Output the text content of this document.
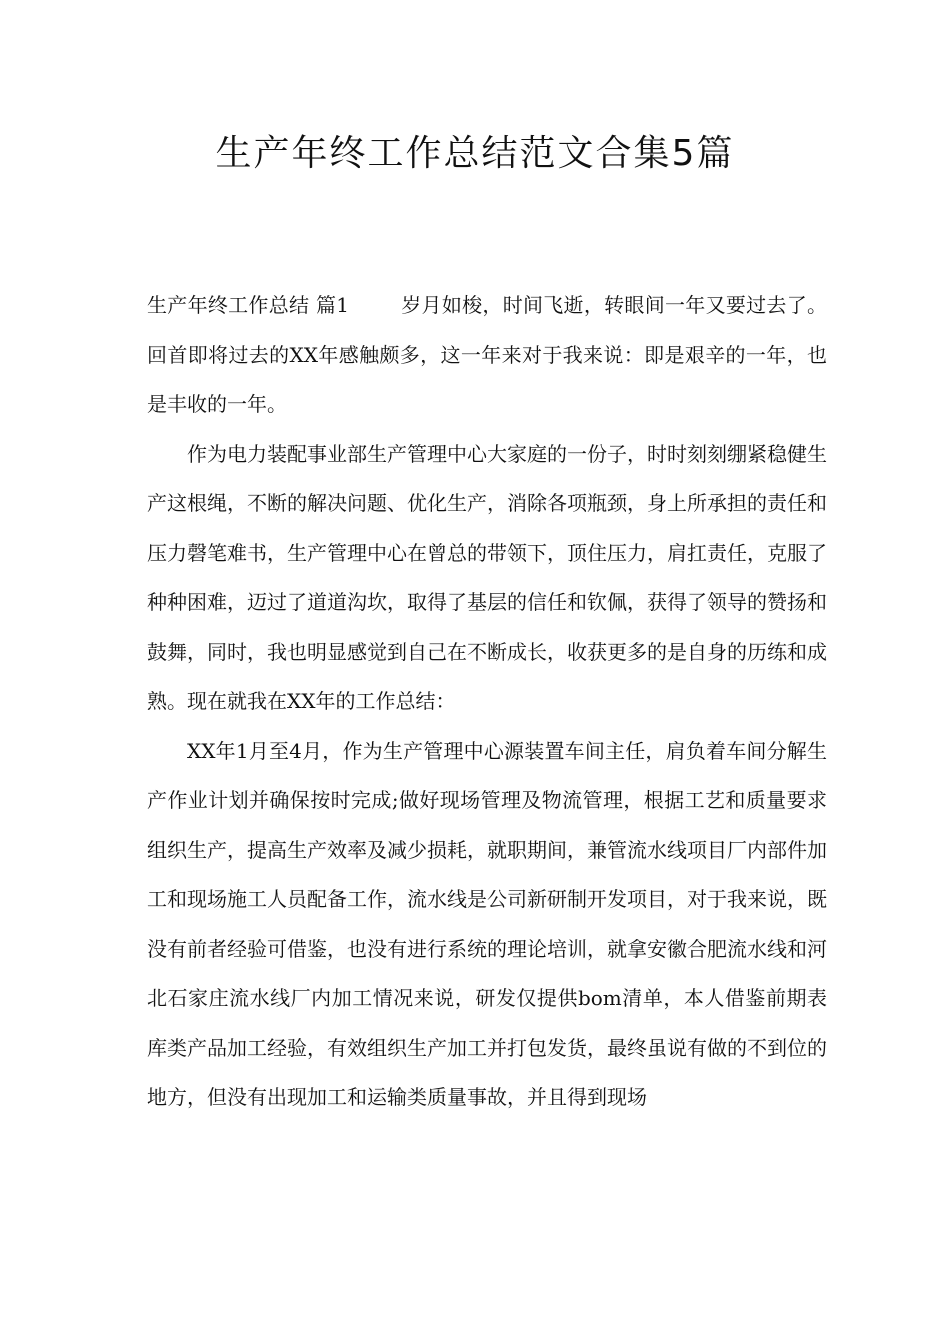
生产年终工作总结范文合集5篇

生产年终工作总结 篇1	岁月如梭，时间飞逝，转眼间一年又要过去了。回首即将过去的XX年感触颇多，这一年来对于我来说：即是艰辛的一年，也是丰收的一年。

作为电力装配事业部生产管理中心大家庭的一份子，时时刻刻绷紧稳健生产这根绳，不断的解决问题、优化生产，消除各项瓶颈，身上所承担的责任和压力磬笔难书，生产管理中心在曾总的带领下，顶住压力，肩扛责任，克服了种种困难，迈过了道道沟坎，取得了基层的信任和钦佩，获得了领导的赞扬和鼓舞，同时，我也明显感觉到自己在不断成长，收获更多的是自身的历练和成熟。现在就我在XX年的工作总结：

XX年1月至4月，作为生产管理中心源装置车间主任，肩负着车间分解生产作业计划并确保按时完成;做好现场管理及物流管理，根据工艺和质量要求组织生产，提高生产效率及减少损耗，就职期间，兼管流水线项目厂内部件加工和现场施工人员配备工作，流水线是公司新研制开发项目，对于我来说，既没有前者经验可借鉴，也没有进行系统的理论培训，就拿安徽合肥流水线和河北石家庄流水线厂内加工情况来说，研发仅提供bom清单，本人借鉴前期表库类产品加工经验，有效组织生产加工并打包发货，最终虽说有做的不到位的地方，但没有出现加工和运输类质量事故，并且得到现场
